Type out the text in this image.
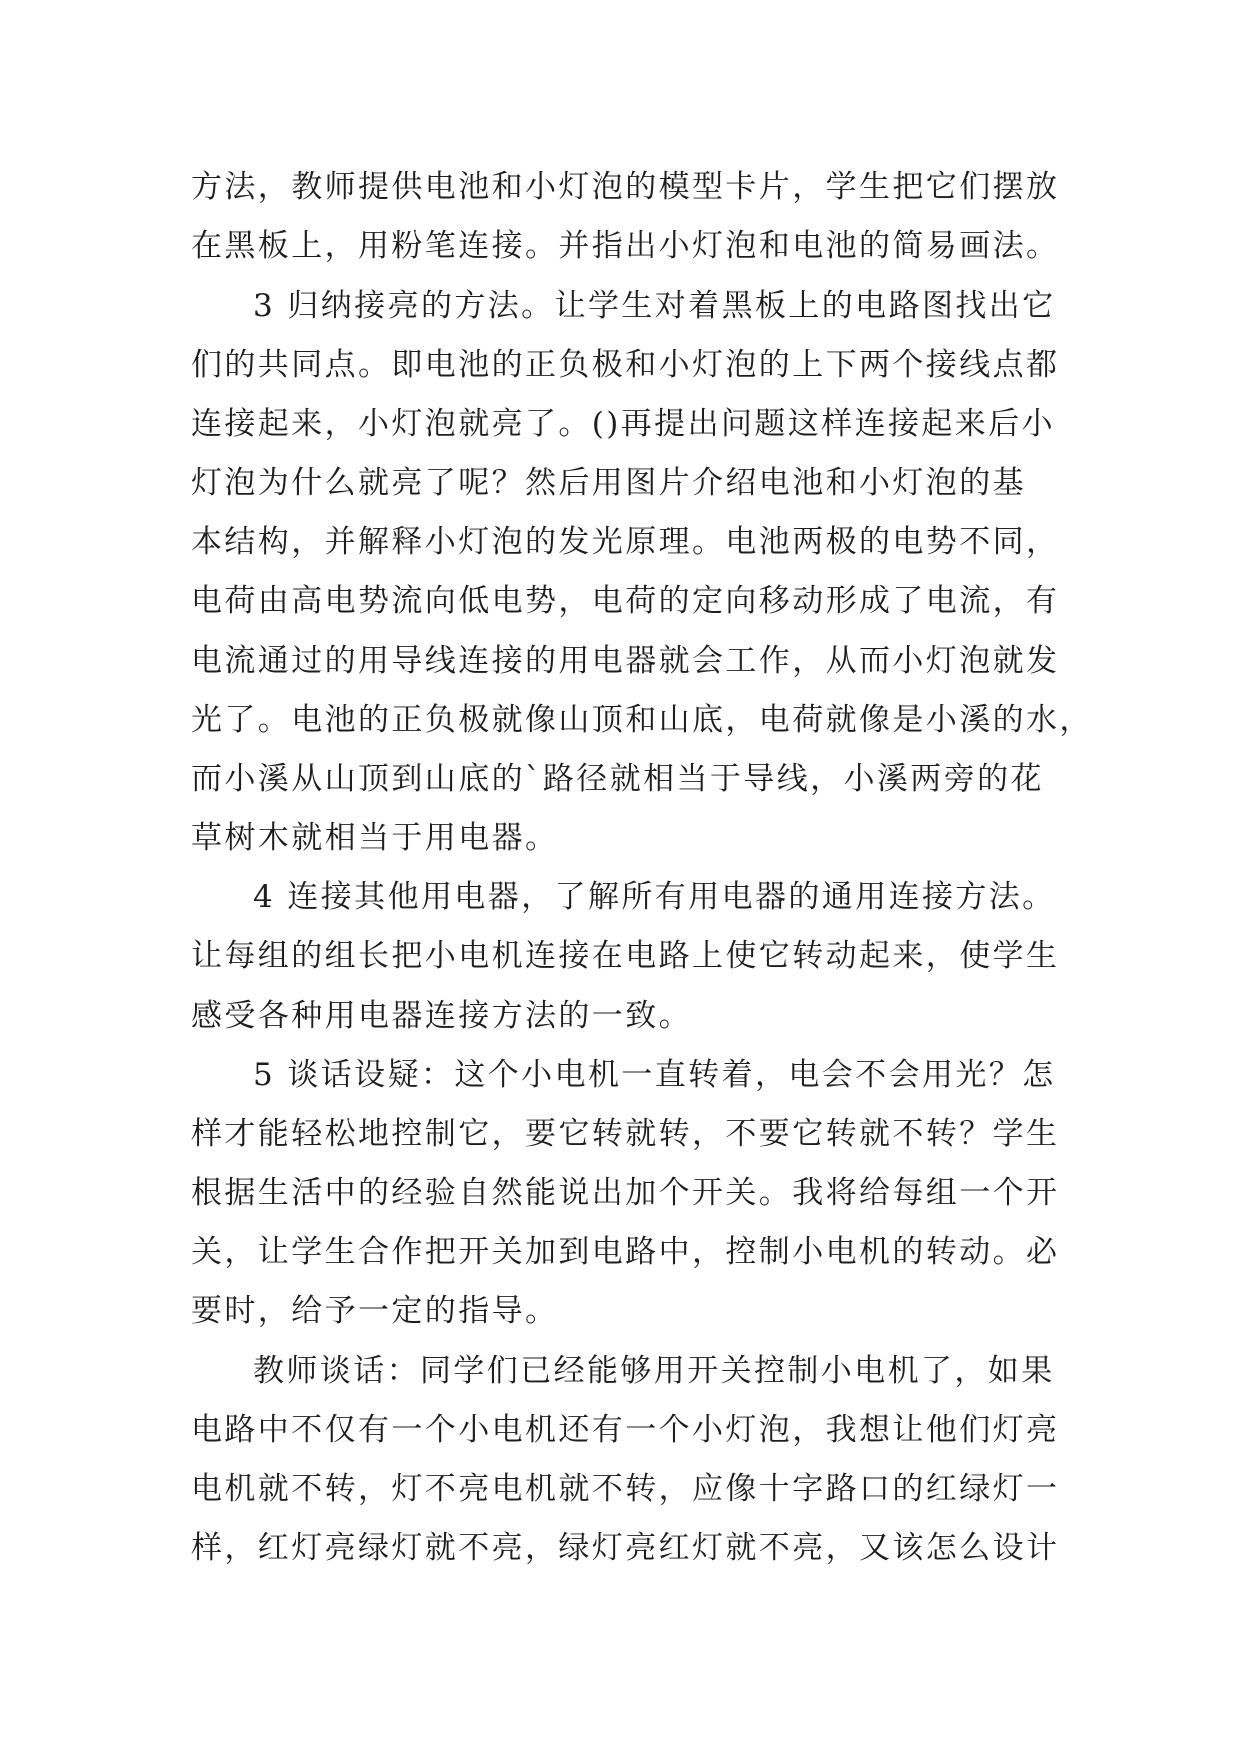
方法，教师提供电池和小灯泡的模型卡片，学生把它们摆放
在黑板上，用粉笔连接。并指出小灯泡和电池的简易画法。
3 归纳接亮的方法。让学生对着黑板上的电路图找出它
们的共同点。即电池的正负极和小灯泡的上下两个接线点都
连接起来，小灯泡就亮了。()再提出问题这样连接起来后小
灯泡为什么就亮了呢？然后用图片介绍电池和小灯泡的基
本结构，并解释小灯泡的发光原理。电池两极的电势不同，
电荷由高电势流向低电势，电荷的定向移动形成了电流，有
电流通过的用导线连接的用电器就会工作，从而小灯泡就发
光了。电池的正负极就像山顶和山底，电荷就像是小溪的水，
而小溪从山顶到山底的`路径就相当于导线，小溪两旁的花
草树木就相当于用电器。
4 连接其他用电器，了解所有用电器的通用连接方法。
让每组的组长把小电机连接在电路上使它转动起来，使学生
感受各种用电器连接方法的一致。
5 谈话设疑：这个小电机一直转着，电会不会用光？怎
样才能轻松地控制它，要它转就转，不要它转就不转？学生
根据生活中的经验自然能说出加个开关。我将给每组一个开
关，让学生合作把开关加到电路中，控制小电机的转动。必
要时，给予一定的指导。
教师谈话：同学们已经能够用开关控制小电机了，如果
电路中不仅有一个小电机还有一个小灯泡，我想让他们灯亮
电机就不转，灯不亮电机就不转，应像十字路口的红绿灯一
样，红灯亮绿灯就不亮，绿灯亮红灯就不亮，又该怎么设计
